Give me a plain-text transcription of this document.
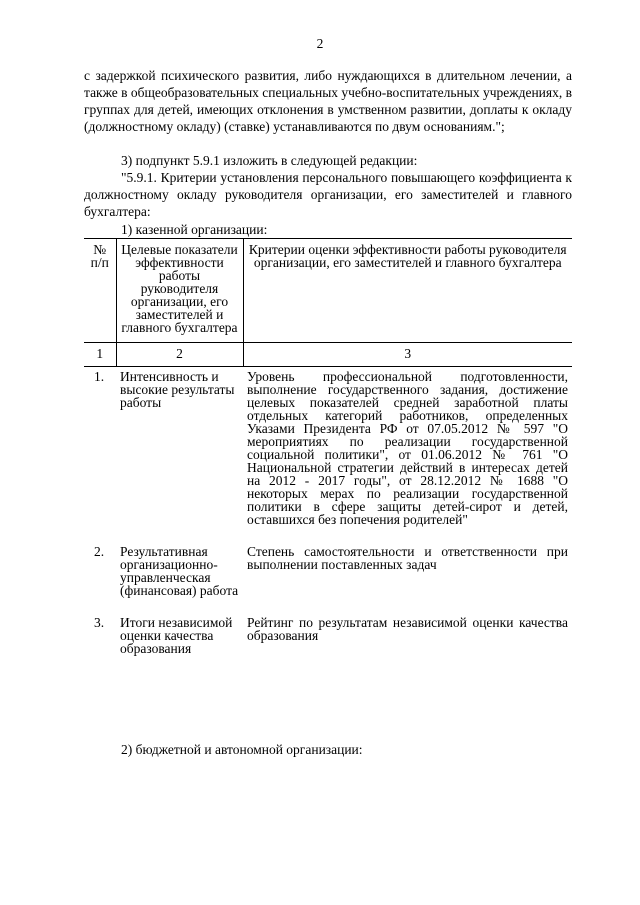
2
с задержкой психического развития, либо нуждающихся в длительном лечении, а также в общеобразовательных специальных учебно-воспитательных учреждениях, в группах для детей, имеющих отклонения в умственном развитии, доплаты к окладу (должностному окладу) (ставке) устанавливаются по двум основаниям.";
3) подпункт 5.9.1 изложить в следующей редакции:
"5.9.1. Критерии установления персонального повышающего коэффициента к должностному окладу руководителя организации, его заместителей и главного бухгалтера:
1) казенной организации:
№ п/п	Целевые показатели эффективности работы руководителя организации, его заместителей и главного бухгалтера	Критерии оценки эффективности работы руководителя организации, его заместителей и главного бухгалтера
1	2	3
1.	Интенсивность и высокие результаты работы	Уровень профессиональной подготовленности, выполнение государственного задания, достижение целевых показателей средней заработной платы отдельных категорий работников, определенных Указами Президента РФ от 07.05.2012 № 597 "О мероприятиях по реализации государственной социальной политики", от 01.06.2012 № 761 "О Национальной стратегии действий в интересах детей на 2012 - 2017 годы", от 28.12.2012 № 1688 "О некоторых мерах по реализации государственной политики в сфере защиты детей-сирот и детей, оставшихся без попечения родителей"
2.	Результативная организационно-управленческая (финансовая) работа	Степень самостоятельности и ответственности при выполнении поставленных задач
3.	Итоги независимой оценки качества образования	Рейтинг по результатам независимой оценки качества образования
2) бюджетной и автономной организации:
